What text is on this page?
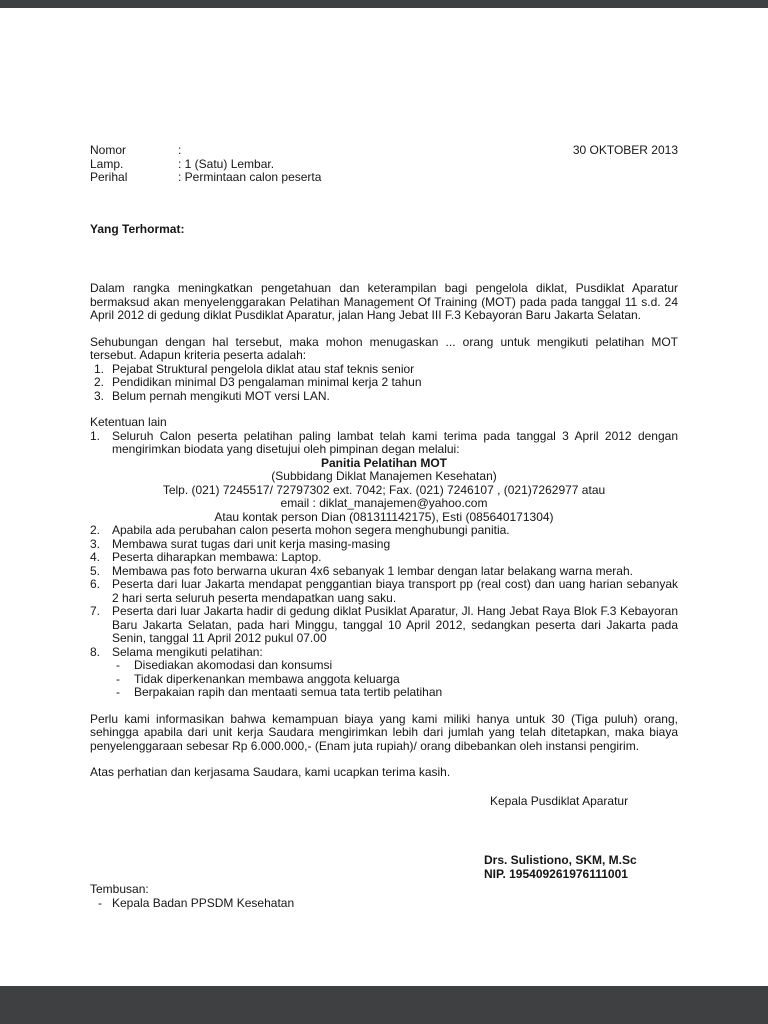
Nomor	:	30 OKTOBER 2013
Lamp.	: 1 (Satu) Lembar.
Perihal	: Permintaan calon peserta
Yang Terhormat:

Dalam rangka meningkatkan pengetahuan dan keterampilan bagi pengelola diklat, Pusdiklat Aparatur bermaksud akan menyelenggarakan Pelatihan Management Of Training (MOT) pada pada tanggal 11 s.d. 24 April 2012 di gedung diklat Pusdiklat Aparatur, jalan Hang Jebat III F.3 Kebayoran Baru Jakarta Selatan.

Sehubungan dengan hal tersebut, maka mohon menugaskan ... orang untuk mengikuti pelatihan MOT tersebut. Adapun kriteria peserta adalah:

1. Pejabat Struktural pengelola diklat atau staf teknis senior
2. Pendidikan minimal D3 pengalaman minimal kerja 2 tahun
3. Belum pernah mengikuti MOT versi LAN.
Ketentuan lain
1. Seluruh Calon peserta pelatihan paling lambat telah kami terima pada tanggal 3 April 2012 dengan mengirimkan biodata yang disetujui oleh pimpinan degan melalui:
Panitia Pelatihan MOT
(Subbidang Diklat Manajemen Kesehatan)
Telp. (021) 7245517/ 72797302 ext. 7042; Fax. (021) 7246107 , (021)7262977 atau
email : diklat_manajemen@yahoo.com
Atau kontak person Dian (081311142175), Esti (085640171304)
2. Apabila ada perubahan calon peserta mohon segera menghubungi panitia.
3. Membawa surat tugas dari unit kerja masing-masing
4. Peserta diharapkan membawa: Laptop.
5. Membawa pas foto berwarna ukuran 4x6 sebanyak 1 lembar dengan latar belakang warna merah.
6. Peserta dari luar Jakarta mendapat penggantian biaya transport pp (real cost) dan uang harian sebanyak 2 hari serta seluruh peserta mendapatkan uang saku.
7. Peserta dari luar Jakarta hadir di gedung diklat Pusiklat Aparatur, Jl. Hang Jebat Raya Blok F.3 Kebayoran Baru Jakarta Selatan, pada hari Minggu, tanggal 10 April 2012, sedangkan peserta dari Jakarta pada Senin, tanggal 11 April 2012 pukul 07.00
8. Selama mengikuti pelatihan:
-	Disediakan akomodasi dan konsumsi
-	Tidak diperkenankan membawa anggota keluarga
-	Berpakaian rapih dan mentaati semua tata tertib pelatihan

Perlu kami informasikan bahwa kemampuan biaya yang kami miliki hanya untuk 30 (Tiga puluh) orang, sehingga apabila dari unit kerja Saudara mengirimkan lebih dari jumlah yang telah ditetapkan, maka biaya penyelenggaraan sebesar Rp 6.000.000,- (Enam juta rupiah)/ orang dibebankan oleh instansi pengirim.

Atas perhatian dan kerjasama Saudara, kami ucapkan terima kasih.

Kepala Pusdiklat Aparatur
Drs. Sulistiono, SKM, M.Sc
NIP. 195409261976111001
Tembusan:
- Kepala Badan PPSDM Kesehatan
